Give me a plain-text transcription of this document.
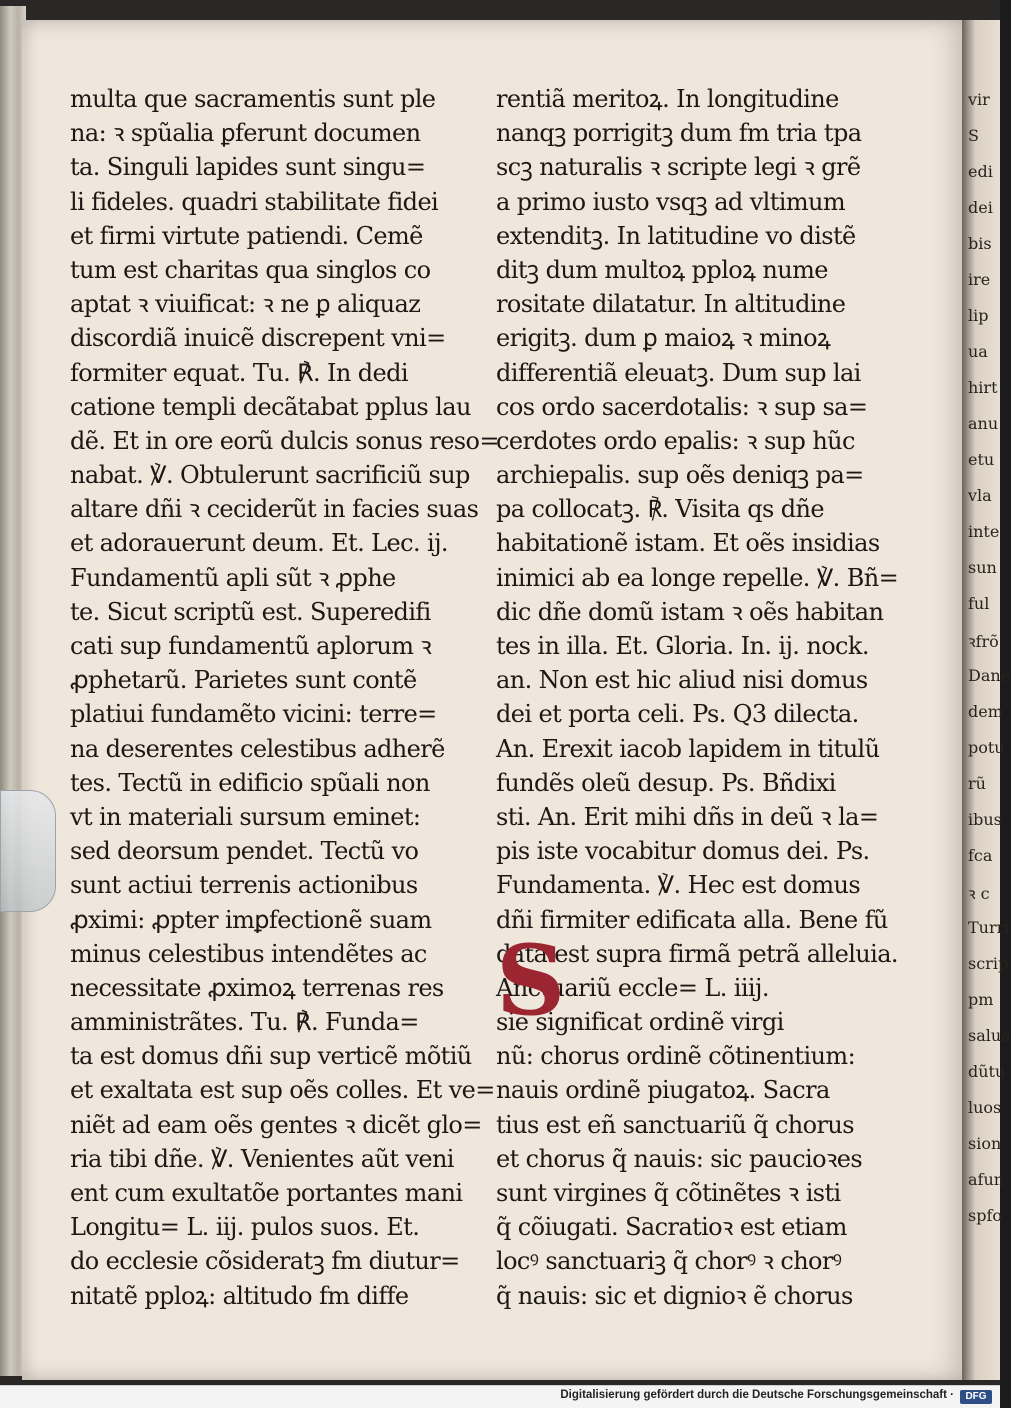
vir
S
edi
dei
bis
ire
lip
ua
hirt
anu
etu
vla
inte
sun
ful
ꝛfrõ
Dane
dem
potu
rũ
ibus
fca
ꝛ c
Turri
scrip
pm
salua
dũtu
luos
sion
afun
spfo
multa que sacramentis sunt ple
na: ꝛ spũalia ꝑferunt documen
ta. Singuli lapides sunt singu=
li fideles. quadri stabilitate fidei
et firmi virtute patiendi. Cemẽ
tum est charitas qua singlos co
aptat ꝛ viuificat: ꝛ ne ꝑ aliquaz
discordiã inuicẽ discrepent vni=
formiter equat. Tu. ℟. In dedi
catione templi decãtabat pplus lau
dẽ. Et in ore eorũ dulcis sonus reso=
nabat. ℣. Obtulerunt sacrificiũ sup
altare dñi ꝛ ceciderũt in facies suas
et adorauerunt deum. Et. Lec. ij.
Fundamentũ apli sũt ꝛ ꝓphe
te. Sicut scriptũ est. Superedifi
cati sup fundamentũ aplorum ꝛ
ꝓphetarũ. Parietes sunt contẽ
platiui fundamẽto vicini: terre=
na deserentes celestibus adherẽ
tes. Tectũ in edificio spũali non
vt in materiali sursum eminet:
sed deorsum pendet. Tectũ vo
sunt actiui terrenis actionibus
ꝓximi: ꝓpter imꝑfectionẽ suam
minus celestibus intendẽtes ac
necessitate ꝓximoꝝ terrenas res
amministrãtes. Tu. ℟. Funda=
ta est domus dñi sup verticẽ mõtiũ
et exaltata est sup oẽs colles. Et ve=
niẽt ad eam oẽs gentes ꝛ dicẽt glo=
ria tibi dñe. ℣. Venientes aũt veni
ent cum exultatõe portantes mani
Longitu= L. iij. pulos suos. Et.
do ecclesie cõsideratꝫ fm diutur=
nitatẽ pploꝝ: altitudo fm diffe
rentiã meritoꝝ. In longitudine
nanqꝫ porrigitꝫ dum fm tria tpa
scꝫ naturalis ꝛ scripte legi ꝛ grẽ
a primo iusto vsqꝫ ad vltimum
extenditꝫ. In latitudine vo distẽ
ditꝫ dum multoꝝ pploꝝ nume
rositate dilatatur. In altitudine
erigitꝫ. dum ꝑ maioꝝ ꝛ minoꝝ
differentiã eleuatꝫ. Dum sup lai
cos ordo sacerdotalis: ꝛ sup sa=
cerdotes ordo epalis: ꝛ sup hũc
archiepalis. sup oẽs deniqꝫ pa=
pa collocatꝫ. ℟. Visita qs dñe
habitationẽ istam. Et oẽs insidias
inimici ab ea longe repelle. ℣. Bñ=
dic dñe domũ istam ꝛ oẽs habitan
tes in illa. Et. Gloria. In. ij. nock.
an. Non est hic aliud nisi domus
dei et porta celi. Ps. Q3 dilecta.
An. Erexit iacob lapidem in titulũ
fundẽs oleũ desup. Ps. Bñdixi
sti. An. Erit mihi dñs in deũ ꝛ la=
pis iste vocabitur domus dei. Ps.
Fundamenta. ℣. Hec est domus
dñi firmiter edificata alla. Bene fũ
data est supra firmã petrã alleluia.
Anctuariũ eccle= L. iiij.
sie significat ordinẽ virgi
nũ: chorus ordinẽ cõtinentium:
nauis ordinẽ piugatoꝝ. Sacra
tius est eñ sanctuariũ q̃ chorus
et chorus q̃ nauis: sic paucioꝛes
sunt virgines q̃ cõtinẽtes ꝛ isti
q̃ cõiugati. Sacratioꝛ est etiam
locꝰ sanctuariꝫ q̃ chorꝰ ꝛ chorꝰ
q̃ nauis: sic et dignioꝛ ẽ chorus
S
Digitalisierung gefördert durch die Deutsche Forschungsgemeinschaft ·	DFG
